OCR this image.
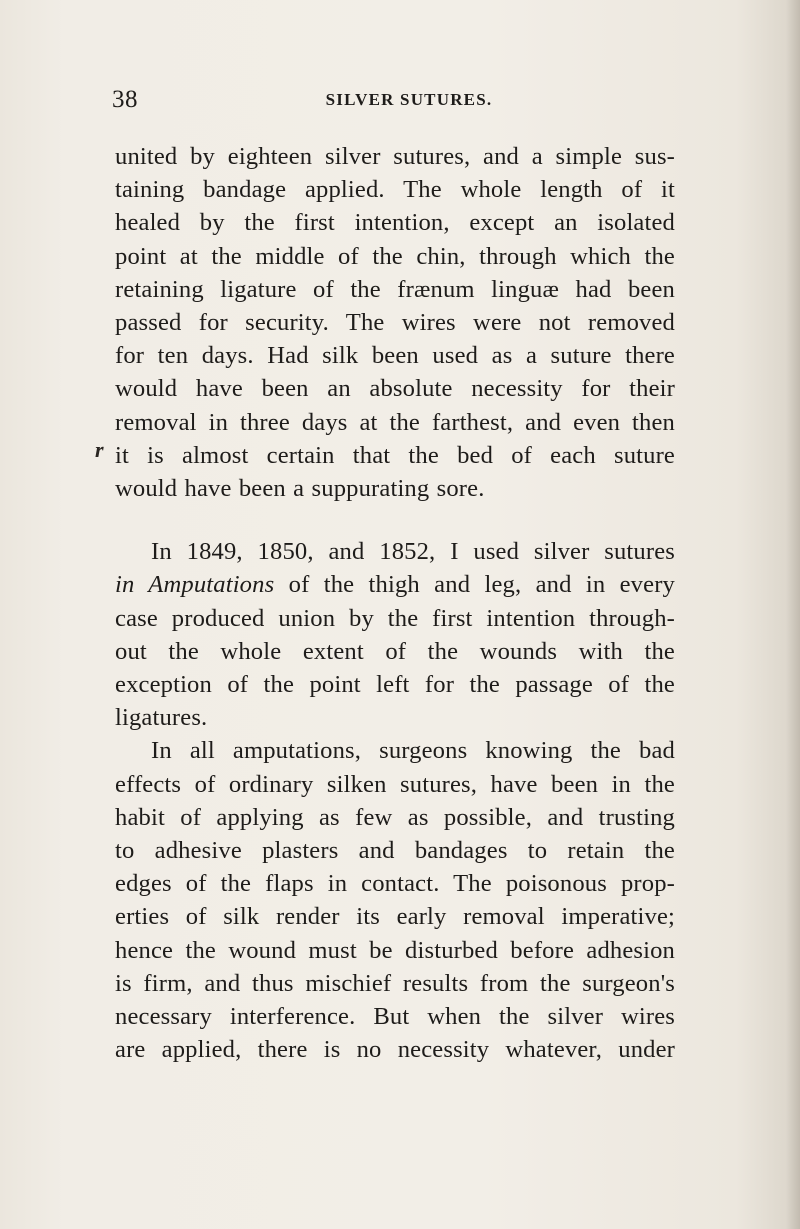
38	SILVER SUTURES.
r
united by eighteen silver sutures, and a simple sus-
taining bandage applied. The whole length of it
healed by the first intention, except an isolated
point at the middle of the chin, through which the
retaining ligature of the frænum linguæ had been
passed for security. The wires were not removed
for ten days. Had silk been used as a suture there
would have been an absolute necessity for their
removal in three days at the farthest, and even then
it is almost certain that the bed of each suture
would have been a suppurating sore.
In 1849, 1850, and 1852, I used silver sutures
in Amputations of the thigh and leg, and in every
case produced union by the first intention through-
out the whole extent of the wounds with the
exception of the point left for the passage of the
ligatures.
In all amputations, surgeons knowing the bad
effects of ordinary silken sutures, have been in the
habit of applying as few as possible, and trusting
to adhesive plasters and bandages to retain the
edges of the flaps in contact. The poisonous prop-
erties of silk render its early removal imperative;
hence the wound must be disturbed before adhesion
is firm, and thus mischief results from the surgeon's
necessary interference. But when the silver wires
are applied, there is no necessity whatever, under
